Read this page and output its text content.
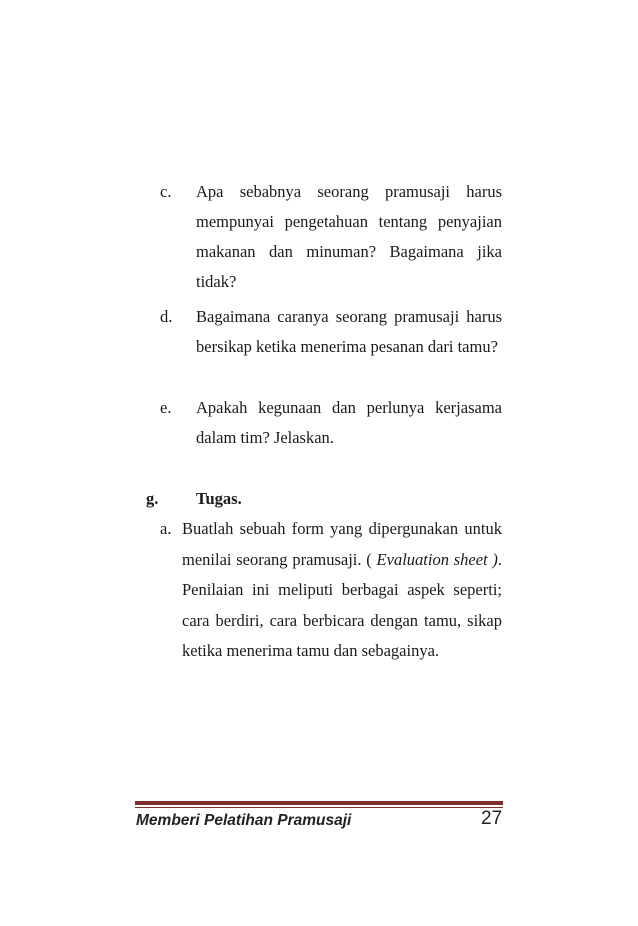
c. Apa sebabnya seorang pramusaji harus mempunyai pengetahuan tentang penyajian makanan dan minuman? Bagaimana jika tidak?
d. Bagaimana caranya seorang pramusaji harus bersikap ketika menerima pesanan dari tamu?
e. Apakah kegunaan dan perlunya kerjasama dalam tim? Jelaskan.
g. Tugas.
a. Buatlah sebuah form yang dipergunakan untuk menilai seorang pramusaji. ( Evaluation sheet ). Penilaian ini meliputi berbagai aspek seperti; cara berdiri, cara berbicara dengan tamu, sikap ketika menerima tamu dan sebagainya.
Memberi Pelatihan Pramusaji	27
